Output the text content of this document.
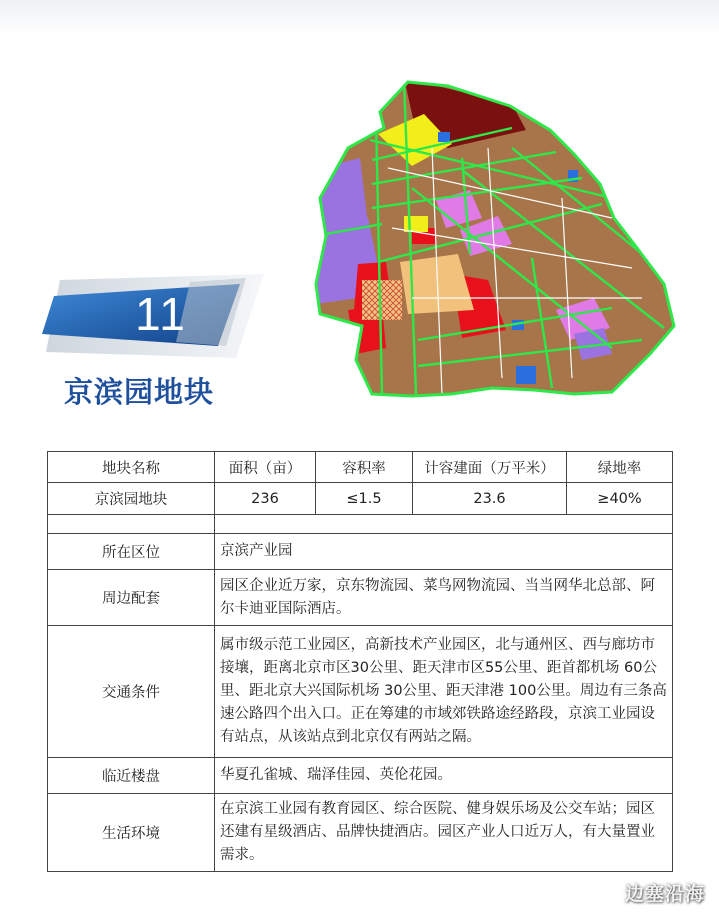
11
京滨园地块
地块名称	面积（亩）	容积率	计容建面（万平米）	绿地率
京滨园地块	236	≤1.5	23.6	≥40%

所在区位	京滨产业园			
周边配套	园区企业近万家，京东物流园、菜鸟网物流园、当当网华北总部、阿尔卡迪亚国际酒店。			
交通条件	属市级示范工业园区，高新技术产业园区，北与通州区、西与廊坊市接壤，距离北京市区30公里、距天津市区55公里、距首都机场 60公里、距北京大兴国际机场 30公里、距天津港 100公里。周边有三条高速公路四个出入口。正在筹建的市域郊铁路途经路段，京滨工业园设有站点，从该站点到北京仅有两站之隔。			
临近楼盘	华夏孔雀城、瑞泽佳园、英伦花园。			
生活环境	在京滨工业园有教育园区、综合医院、健身娱乐场及公交车站；园区还建有星级酒店、品牌快捷酒店。园区产业人口近万人，有大量置业需求。			
边塞沿海
